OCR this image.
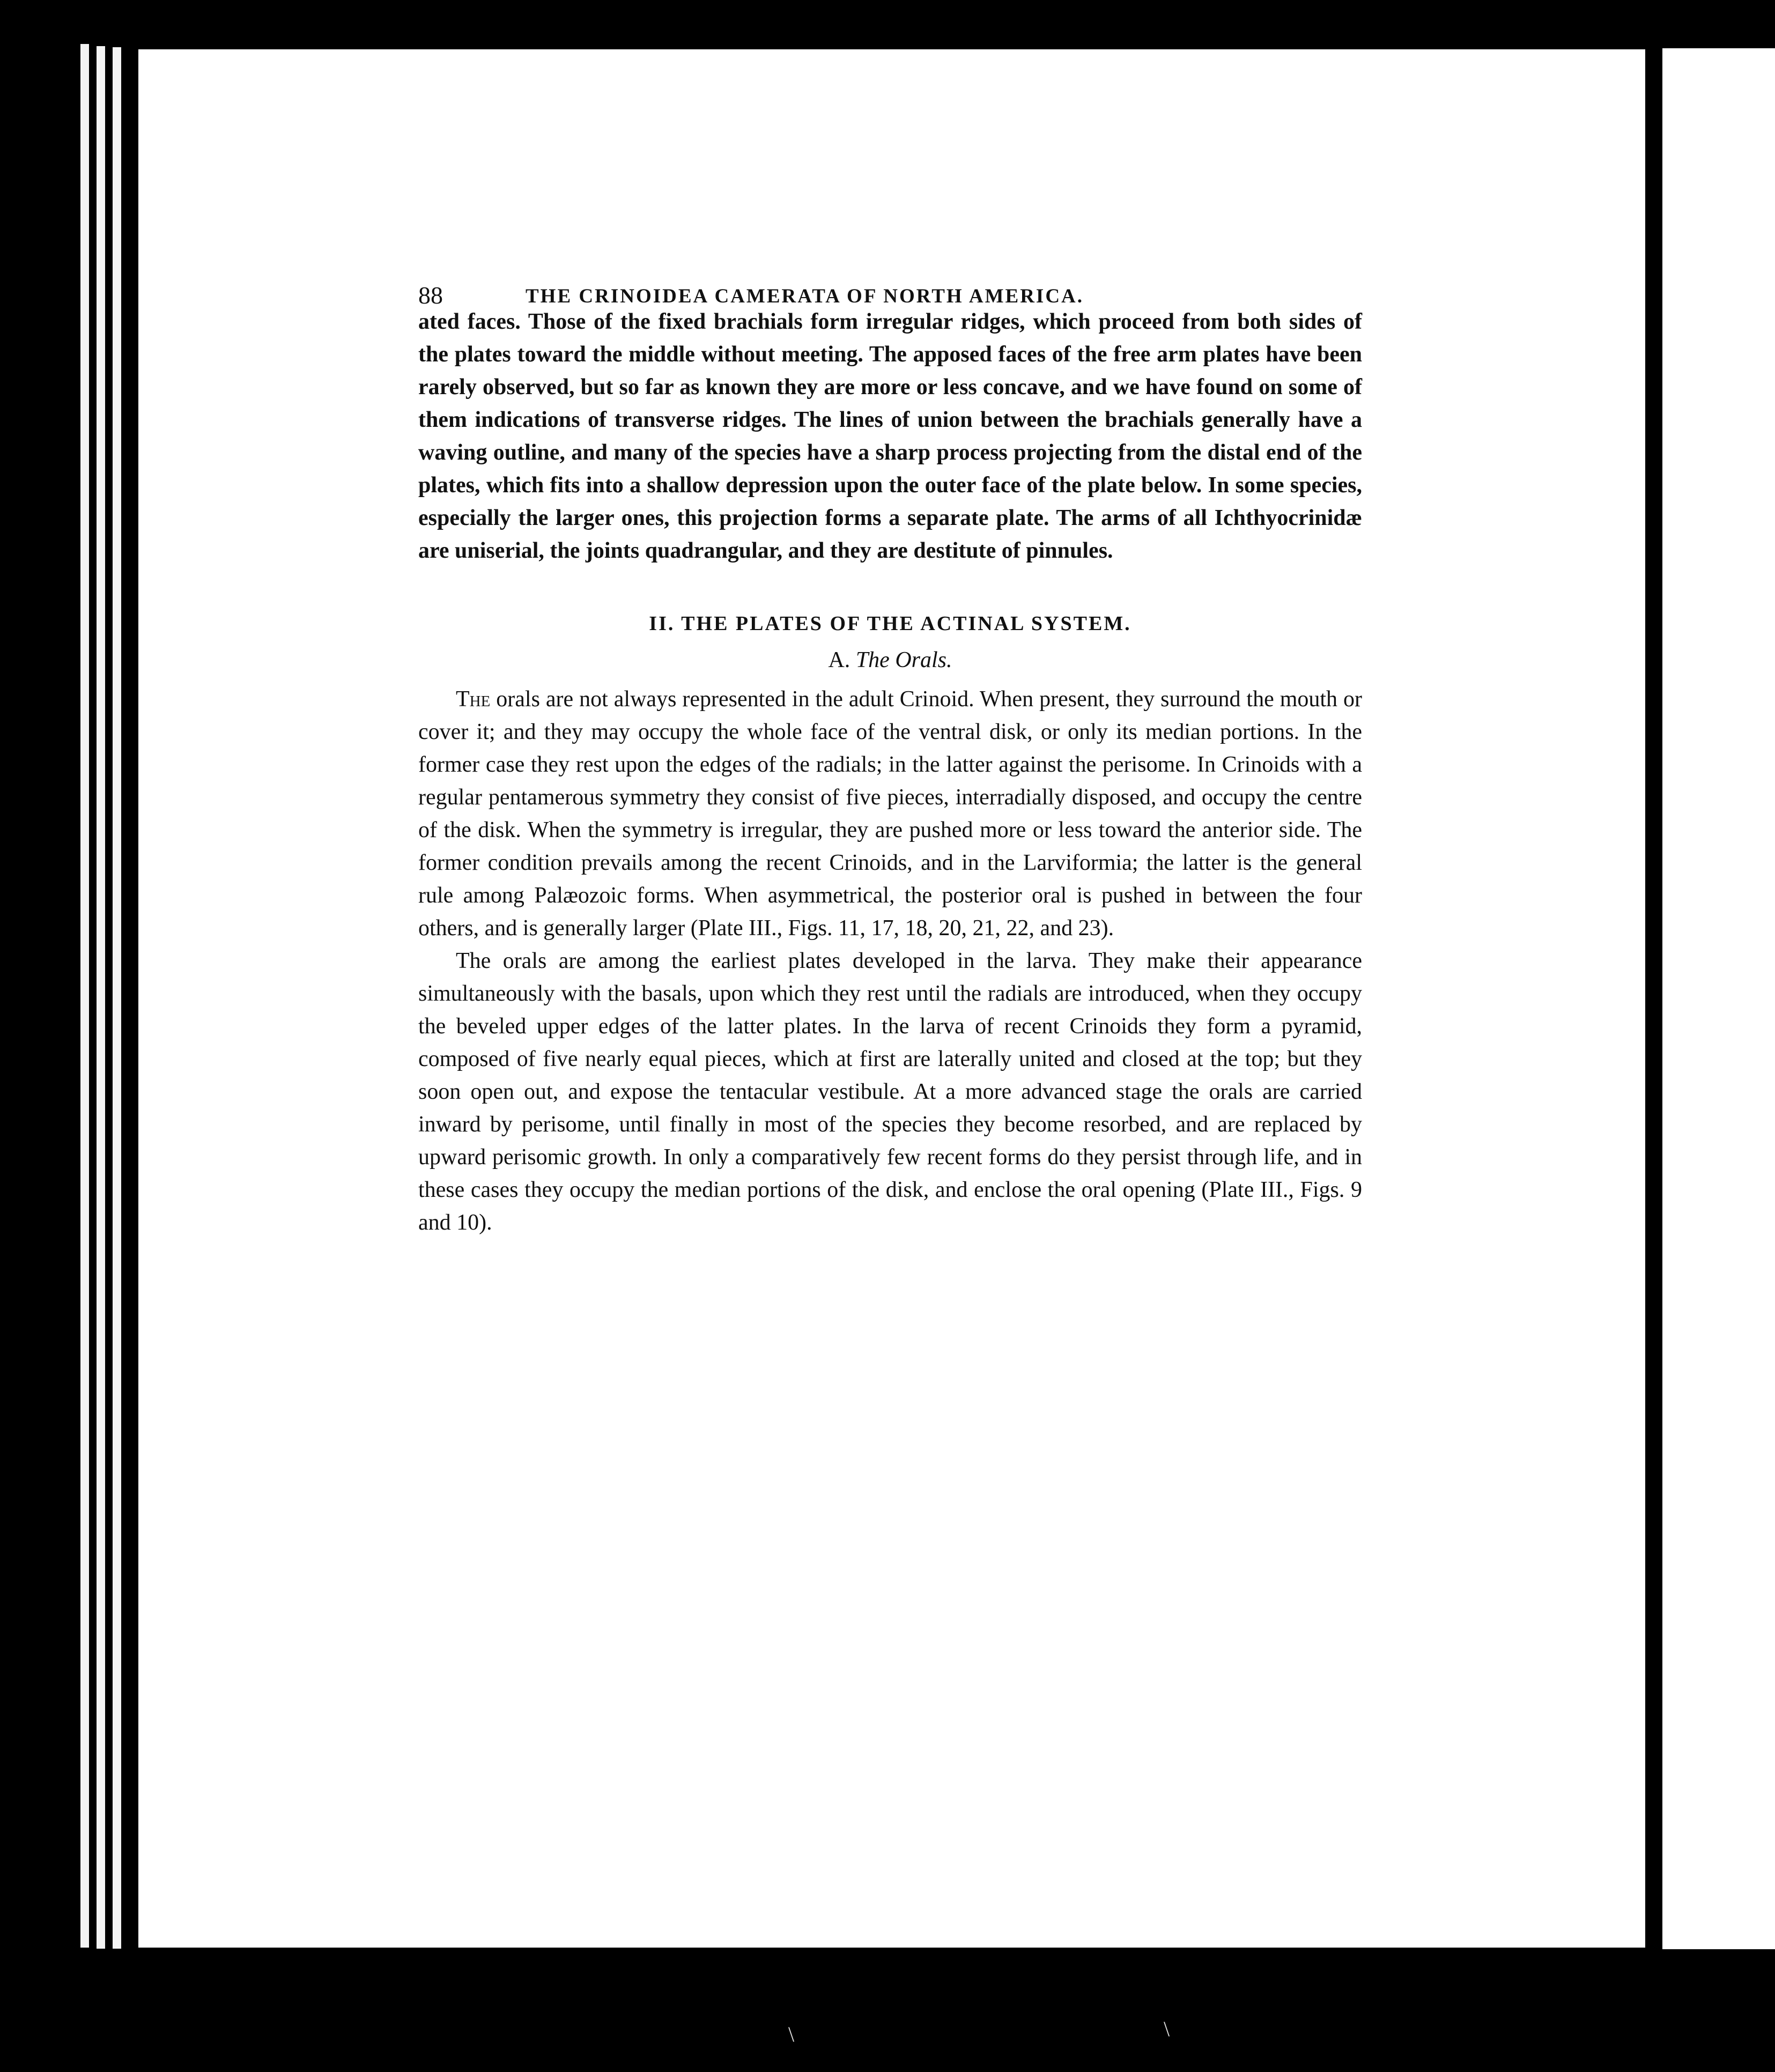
88	THE CRINOIDEA CAMERATA OF NORTH AMERICA.

ated faces. Those of the fixed brachials form irregular ridges, which proceed from both sides of the plates toward the middle without meeting. The apposed faces of the free arm plates have been rarely observed, but so far as known they are more or less concave, and we have found on some of them indications of transverse ridges. The lines of union between the brachials generally have a waving outline, and many of the species have a sharp process projecting from the distal end of the plates, which fits into a shallow depression upon the outer face of the plate below. In some species, especially the larger ones, this projection forms a separate plate. The arms of all Ichthyocrinidæ are uniserial, the joints quadrangular, and they are destitute of pinnules.

II. THE PLATES OF THE ACTINAL SYSTEM.
A. The Orals.

The orals are not always represented in the adult Crinoid. When present, they surround the mouth or cover it; and they may occupy the whole face of the ventral disk, or only its median portions. In the former case they rest upon the edges of the radials; in the latter against the perisome. In Crinoids with a regular pentamerous symmetry they consist of five pieces, interradially disposed, and occupy the centre of the disk. When the symmetry is irregular, they are pushed more or less toward the anterior side. The former condition prevails among the recent Crinoids, and in the Larviformia; the latter is the general rule among Palæozoic forms. When asymmetrical, the posterior oral is pushed in between the four others, and is generally larger (Plate III., Figs. 11, 17, 18, 20, 21, 22, and 23).

The orals are among the earliest plates developed in the larva. They make their appearance simultaneously with the basals, upon which they rest until the radials are introduced, when they occupy the beveled upper edges of the latter plates. In the larva of recent Crinoids they form a pyramid, composed of five nearly equal pieces, which at first are laterally united and closed at the top; but they soon open out, and expose the tentacular vestibule. At a more advanced stage the orals are carried inward by perisome, until finally in most of the species they become resorbed, and are replaced by upward perisomic growth. In only a comparatively few recent forms do they persist through life, and in these cases they occupy the median portions of the disk, and enclose the oral opening (Plate III., Figs. 9 and 10).

\	\
